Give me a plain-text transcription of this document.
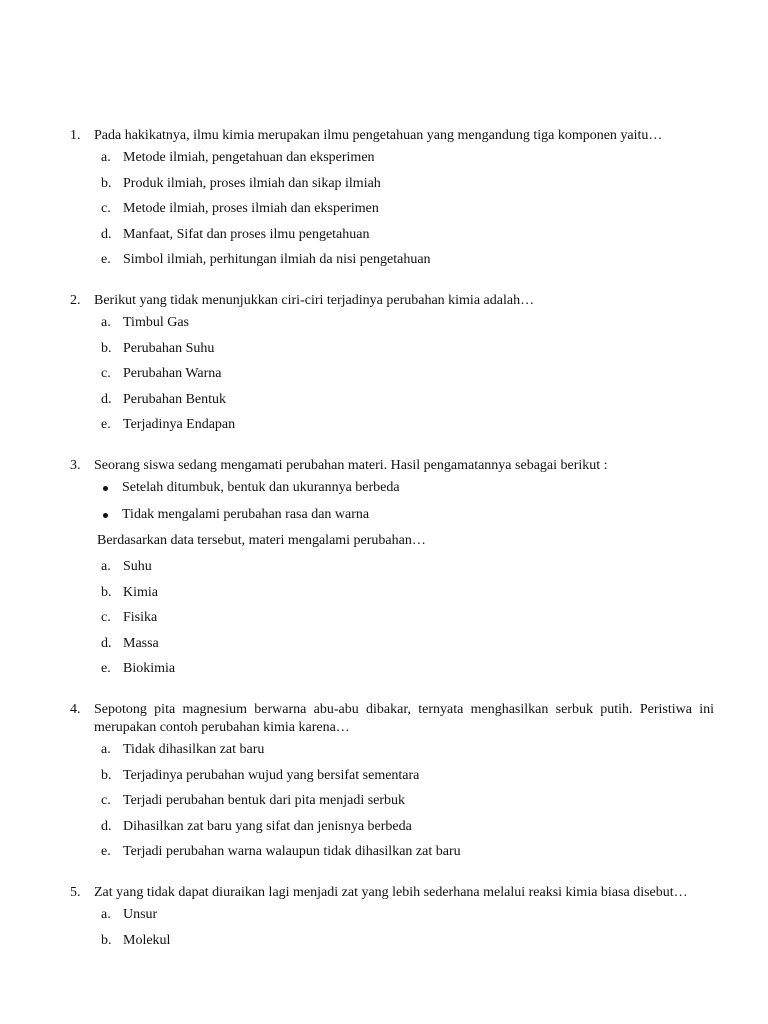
1. Pada hakikatnya, ilmu kimia merupakan ilmu pengetahuan yang mengandung tiga komponen yaitu…
a. Metode ilmiah, pengetahuan dan eksperimen
b. Produk ilmiah, proses ilmiah dan sikap ilmiah
c. Metode ilmiah, proses ilmiah dan eksperimen
d. Manfaat, Sifat dan proses ilmu pengetahuan
e. Simbol ilmiah, perhitungan ilmiah da nisi pengetahuan
2. Berikut yang tidak menunjukkan ciri-ciri terjadinya perubahan kimia adalah…
a. Timbul Gas
b. Perubahan Suhu
c. Perubahan Warna
d. Perubahan Bentuk
e. Terjadinya Endapan
3. Seorang siswa sedang mengamati perubahan materi. Hasil pengamatannya sebagai berikut :
Setelah ditumbuk, bentuk dan ukurannya berbeda
Tidak mengalami perubahan rasa dan warna
Berdasarkan data tersebut, materi mengalami perubahan…
a. Suhu
b. Kimia
c. Fisika
d. Massa
e. Biokimia
4. Sepotong pita magnesium berwarna abu-abu dibakar, ternyata menghasilkan serbuk putih. Peristiwa ini merupakan contoh perubahan kimia karena…
a. Tidak dihasilkan zat baru
b. Terjadinya perubahan wujud yang bersifat sementara
c. Terjadi perubahan bentuk dari pita menjadi serbuk
d. Dihasilkan zat baru yang sifat dan jenisnya berbeda
e. Terjadi perubahan warna walaupun tidak dihasilkan zat baru
5. Zat yang tidak dapat diuraikan lagi menjadi zat yang lebih sederhana melalui reaksi kimia biasa disebut…
a. Unsur
b. Molekul
